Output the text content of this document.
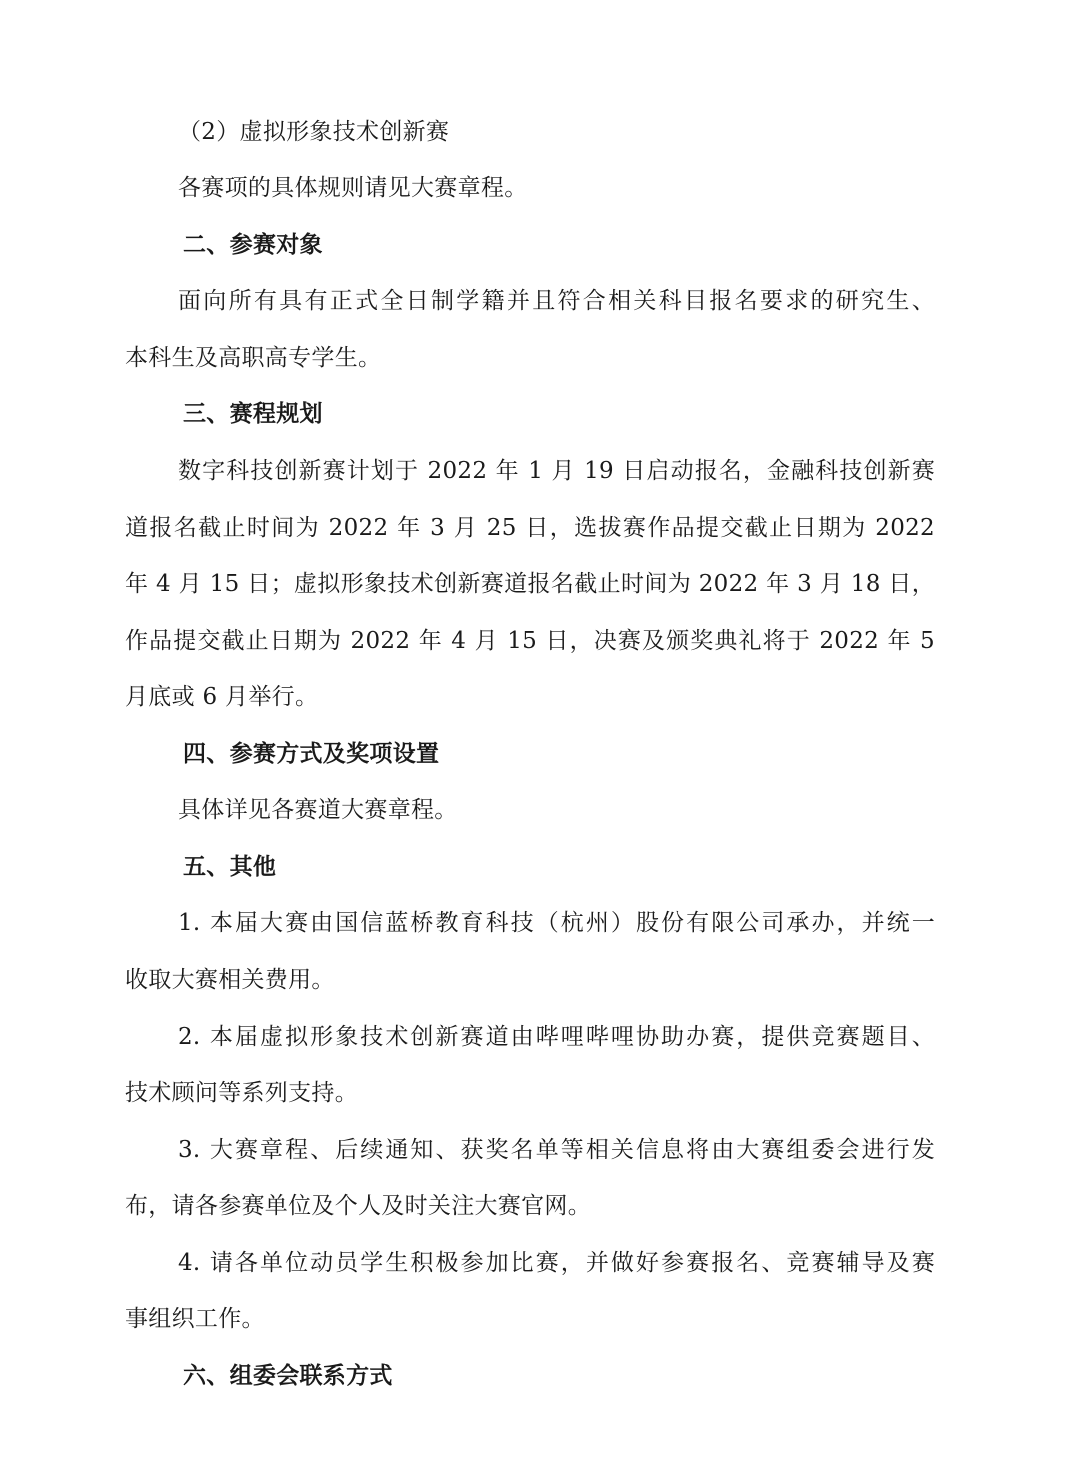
（2）虚拟形象技术创新赛
各赛项的具体规则请见大赛章程。
二、参赛对象
面向所有具有正式全日制学籍并且符合相关科目报名要求的研究生、
本科生及高职高专学生。
三、赛程规划
数字科技创新赛计划于 2022 年 1 月 19 日启动报名，金融科技创新赛
道报名截止时间为 2022 年 3 月 25 日，选拔赛作品提交截止日期为 2022
年 4 月 15 日；虚拟形象技术创新赛道报名截止时间为 2022 年 3 月 18 日，
作品提交截止日期为 2022 年 4 月 15 日，决赛及颁奖典礼将于 2022 年 5
月底或 6 月举行。
四、参赛方式及奖项设置
具体详见各赛道大赛章程。
五、其他
1. 本届大赛由国信蓝桥教育科技（杭州）股份有限公司承办，并统一
收取大赛相关费用。
2. 本届虚拟形象技术创新赛道由哔哩哔哩协助办赛，提供竞赛题目、
技术顾问等系列支持。
3. 大赛章程、后续通知、获奖名单等相关信息将由大赛组委会进行发
布，请各参赛单位及个人及时关注大赛官网。
4. 请各单位动员学生积极参加比赛，并做好参赛报名、竞赛辅导及赛
事组织工作。
六、组委会联系方式
